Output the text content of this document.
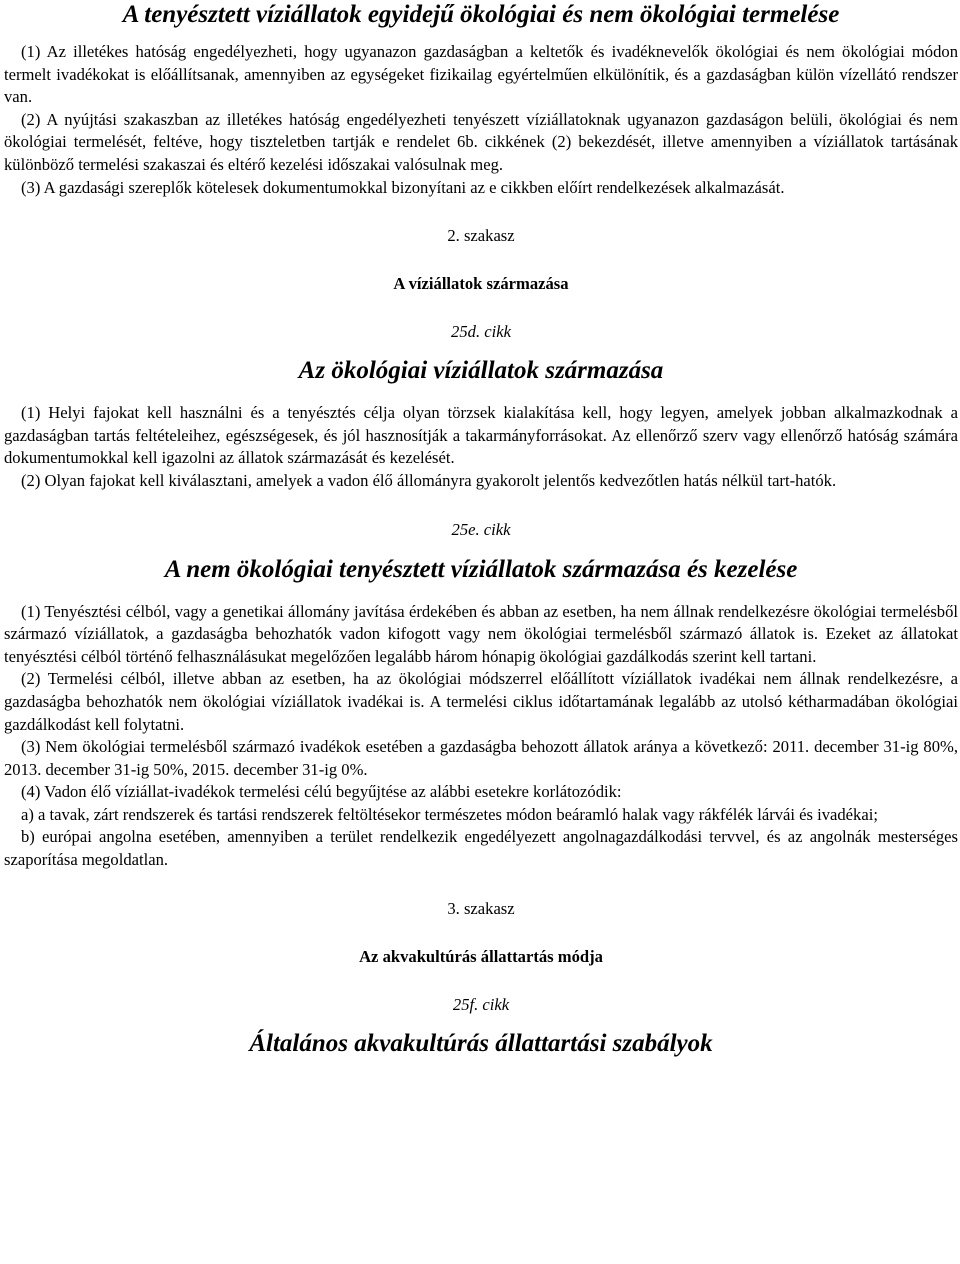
A tenyésztett víziállatok egyidejű ökológiai és nem ökológiai termelése

(1) Az illetékes hatóság engedélyezheti, hogy ugyanazon gazdaságban a keltetők és ivadéknevelők ökológiai és nem ökológiai módon termelt ivadékokat is előállítsanak, amennyiben az egységeket fizikailag egyértelműen elkülönítik, és a gazdaságban külön vízellátó rendszer van.

(2) A nyújtási szakaszban az illetékes hatóság engedélyezheti tenyészett víziállatoknak ugyanazon gazdaságon belüli, ökológiai és nem ökológiai termelését, feltéve, hogy tiszteletben tartják e rendelet 6b. cikkének (2) bekezdését, illetve amennyiben a víziállatok tartásának különböző termelési szakaszai és eltérő kezelési időszakai valósulnak meg.

(3) A gazdasági szereplők kötelesek dokumentumokkal bizonyítani az e cikkben előírt rendelkezések alkalmazását.

2. szakasz
A víziállatok származása
25d. cikk
Az ökológiai víziállatok származása

(1) Helyi fajokat kell használni és a tenyésztés célja olyan törzsek kialakítása kell, hogy legyen, amelyek jobban alkalmazkodnak a gazdaságban tartás feltételeihez, egészségesek, és jól hasznosítják a takarmányforrásokat. Az ellenőrző szerv vagy ellenőrző hatóság számára dokumentumokkal kell igazolni az állatok származását és kezelését.

(2) Olyan fajokat kell kiválasztani, amelyek a vadon élő állományra gyakorolt jelentős kedvezőtlen hatás nélkül tart-hatók.

25e. cikk
A nem ökológiai tenyésztett víziállatok származása és kezelése

(1) Tenyésztési célból, vagy a genetikai állomány javítása érdekében és abban az esetben, ha nem állnak rendelkezésre ökológiai termelésből származó víziállatok, a gazdaságba behozhatók vadon kifogott vagy nem ökológiai termelésből származó állatok is. Ezeket az állatokat tenyésztési célból történő felhasználásukat megelőzően legalább három hónapig ökológiai gazdálkodás szerint kell tartani.

(2) Termelési célból, illetve abban az esetben, ha az ökológiai módszerrel előállított víziállatok ivadékai nem állnak rendelkezésre, a gazdaságba behozhatók nem ökológiai víziállatok ivadékai is. A termelési ciklus időtartamának legalább az utolsó kétharmadában ökológiai gazdálkodást kell folytatni.

(3) Nem ökológiai termelésből származó ivadékok esetében a gazdaságba behozott állatok aránya a következő: 2011. december 31-ig 80%, 2013. december 31-ig 50%, 2015. december 31-ig 0%.

(4) Vadon élő víziállat-ivadékok termelési célú begyűjtése az alábbi esetekre korlátozódik:

a) a tavak, zárt rendszerek és tartási rendszerek feltöltésekor természetes módon beáramló halak vagy rákfélék lárvái és ivadékai;

b) európai angolna esetében, amennyiben a terület rendelkezik engedélyezett angolnagazdálkodási tervvel, és az angolnák mesterséges szaporítása megoldatlan.

3. szakasz
Az akvakultúrás állattartás módja
25f. cikk
Általános akvakultúrás állattartási szabályok
